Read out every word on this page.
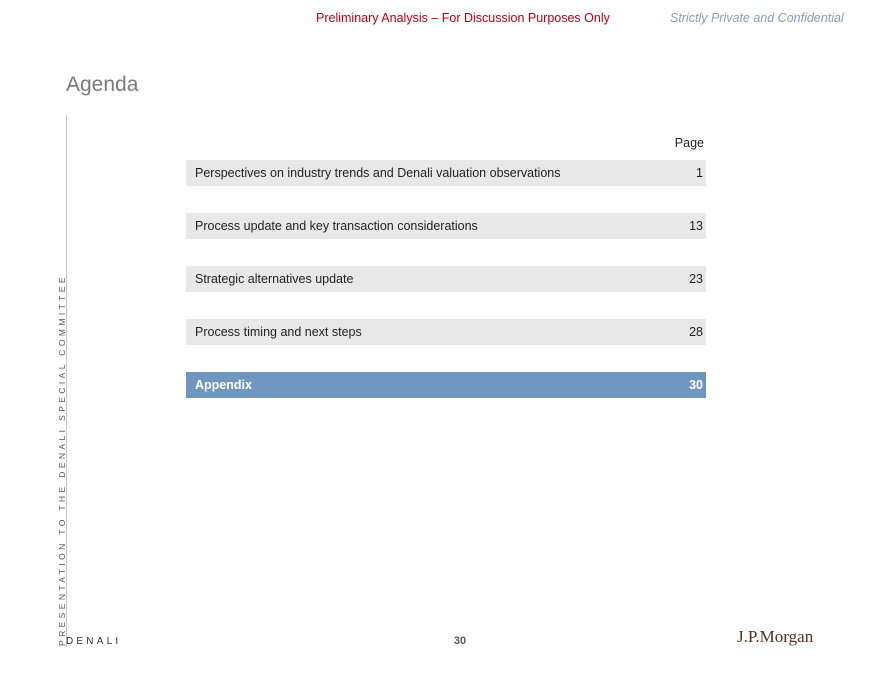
Preliminary Analysis – For Discussion Purposes Only	Strictly Private and Confidential
Agenda
PRESENTATION TO THE DENALI SPECIAL COMMITTEE
Page
Perspectives on industry trends and Denali valuation observations	1
Process update and key transaction considerations	13
Strategic alternatives update	23
Process timing and next steps	28
Appendix	30
DENALI	30	J.P.Morgan
